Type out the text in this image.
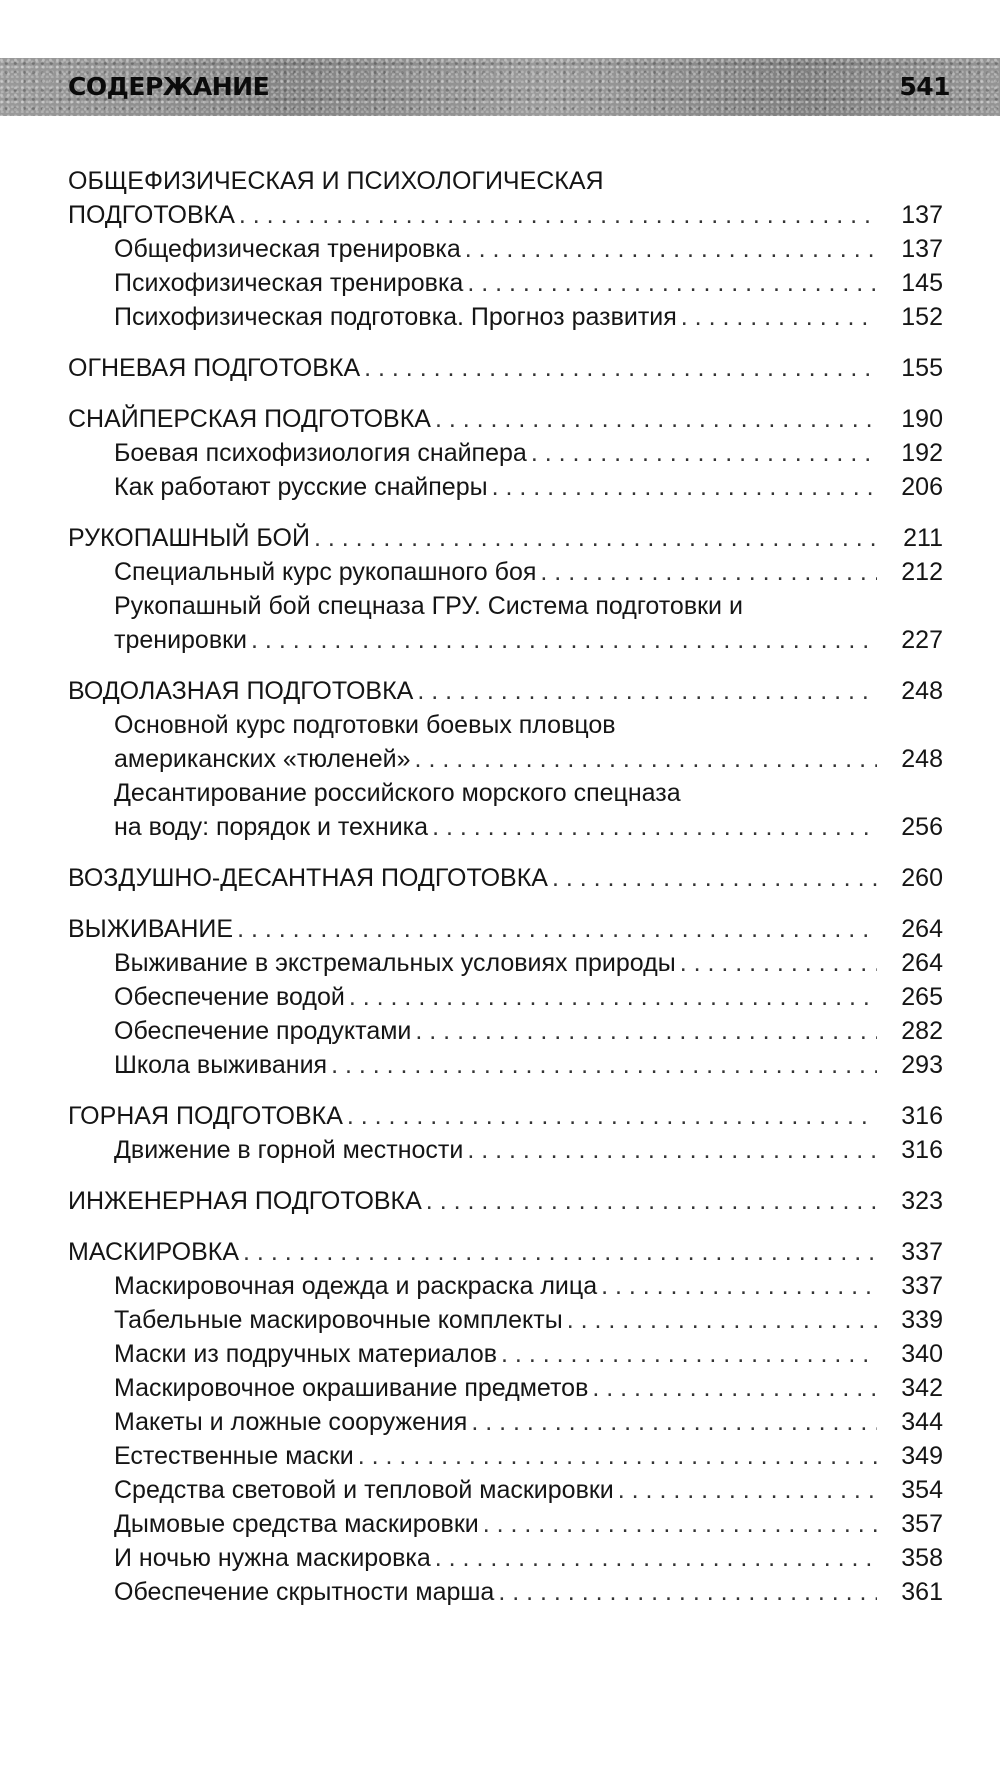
СОДЕРЖАНИЕ	541
ОБЩЕФИЗИЧЕСКАЯ И ПСИХОЛОГИЧЕСКАЯ
ПОДГОТОВКА . . .	137
Общефизическая тренировка . . .	137
Психофизическая тренировка . . .	145
Психофизическая подготовка. Прогноз развития . . .	152
ОГНЕВАЯ ПОДГОТОВКА . . .	155
СНАЙПЕРСКАЯ ПОДГОТОВКА . . .	190
Боевая психофизиология снайпера . . .	192
Как работают русские снайперы . . .	206
РУКОПАШНЫЙ БОЙ . . .	211
Специальный курс рукопашного боя . . .	212
Рукопашный бой спецназа ГРУ. Система подготовки и
тренировки . . .	227
ВОДОЛАЗНАЯ ПОДГОТОВКА . . .	248
Основной курс подготовки боевых пловцов
американских «тюленей» . . .	248
Десантирование российского морского спецназа
на воду: порядок и техника . . .	256
ВОЗДУШНО-ДЕСАНТНАЯ ПОДГОТОВКА . . .	260
ВЫЖИВАНИЕ . . .	264
Выживание в экстремальных условиях природы . . .	264
Обеспечение водой . . .	265
Обеспечение продуктами . . .	282
Школа выживания . . .	293
ГОРНАЯ ПОДГОТОВКА . . .	316
Движение в горной местности . . .	316
ИНЖЕНЕРНАЯ ПОДГОТОВКА . . .	323
МАСКИРОВКА . . .	337
Маскировочная одежда и раскраска лица . . .	337
Табельные маскировочные комплекты . . .	339
Маски из подручных материалов . . .	340
Маскировочное окрашивание предметов . . .	342
Макеты и ложные сооружения . . .	344
Естественные маски . . .	349
Средства световой и тепловой маскировки . . .	354
Дымовые средства маскировки . . .	357
И ночью нужна маскировка . . .	358
Обеспечение скрытности марша . . .	361
